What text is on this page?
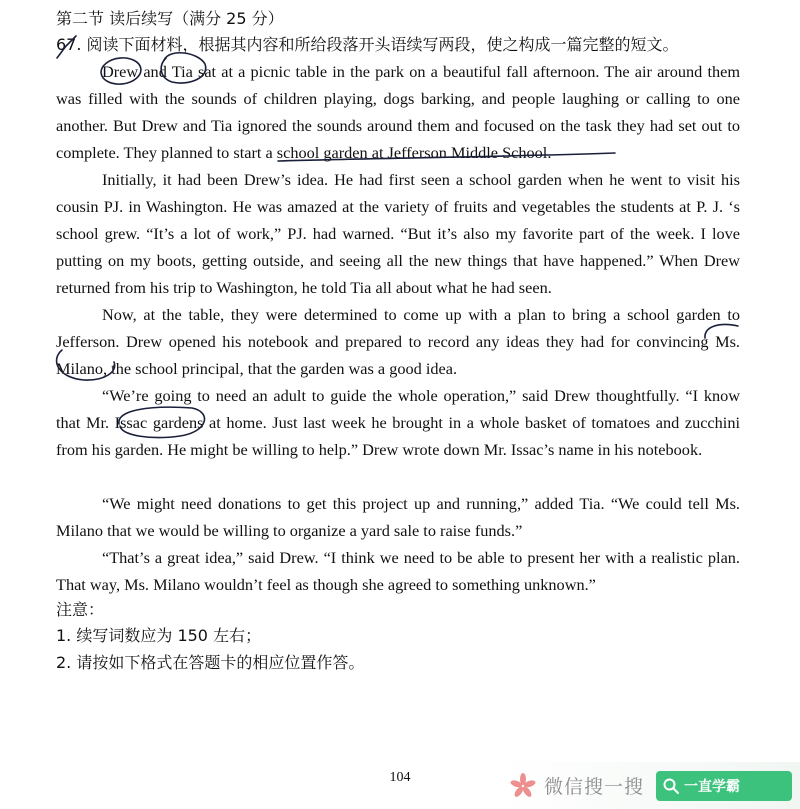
第二节 读后续写（满分 25 分）
67. 阅读下面材料，根据其内容和所给段落开头语续写两段，使之构成一篇完整的短文。

Drew and Tia sat at a picnic table in the park on a beautiful fall afternoon. The air around them was filled with the sounds of children playing, dogs barking, and people laughing or calling to one another. But Drew and Tia ignored the sounds around them and focused on the task they had set out to complete. They planned to start a school garden at Jefferson Middle School.

Initially, it had been Drew’s idea. He had first seen a school garden when he went to visit his cousin PJ. in Washington. He was amazed at the variety of fruits and vegetables the students at P. J. ‘s school grew. “It’s a lot of work,” PJ. had warned. “But it’s also my favorite part of the week. I love putting on my boots, getting outside, and seeing all the new things that have happened.” When Drew returned from his trip to Washington, he told Tia all about what he had seen.

Now, at the table, they were determined to come up with a plan to bring a school garden to Jefferson. Drew opened his notebook and prepared to record any ideas they had for convincing Ms. Milano, the school principal, that the garden was a good idea.

“We’re going to need an adult to guide the whole operation,” said Drew thoughtfully. “I know that Mr. Issac gardens at home. Just last week he brought in a whole basket of tomatoes and zucchini from his garden. He might be willing to help.” Drew wrote down Mr. Issac’s name in his notebook.

“We might need donations to get this project up and running,” added Tia. “We could tell Ms. Milano that we would be willing to organize a yard sale to raise funds.”

“That’s a great idea,” said Drew. “I think we need to be able to present her with a realistic plan. That way, Ms. Milano wouldn’t feel as though she agreed to something unknown.”

注意：
1. 续写词数应为 150 左右；
2. 请按如下格式在答题卡的相应位置作答。
104	微信搜一搜	一直学霸
